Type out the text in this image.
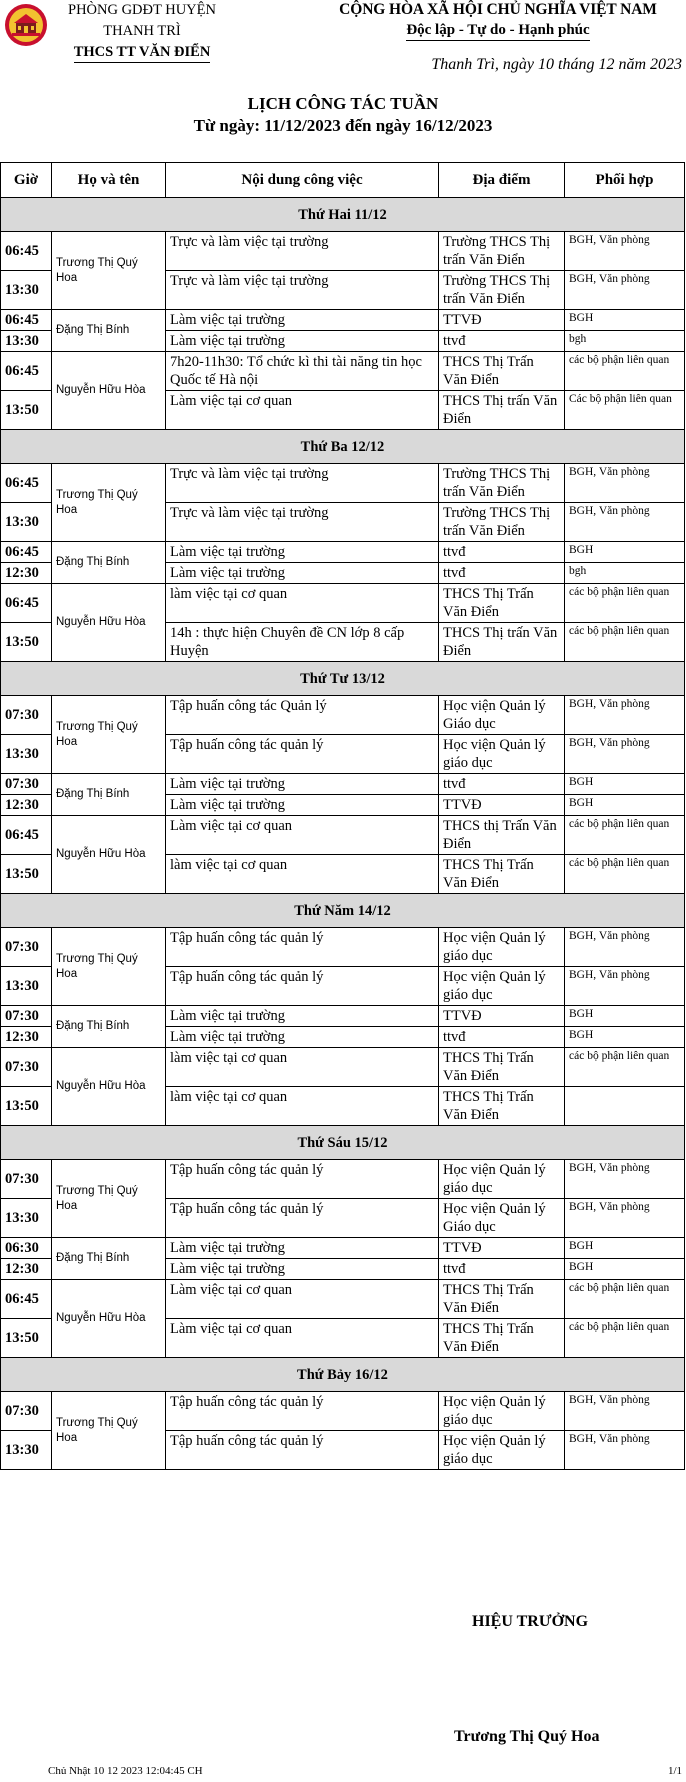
PHÒNG GDĐT HUYỆN THANH TRÌ
THCS TT VĂN ĐIỂN
CỘNG HÒA XÃ HỘI CHỦ NGHĨA VIỆT NAM
Độc lập - Tự do - Hạnh phúc
Thanh Trì, ngày 10 tháng 12 năm 2023
LỊCH CÔNG TÁC TUẦN
Từ ngày: 11/12/2023 đến ngày 16/12/2023
Giờ	Họ và tên	Nội dung công việc	Địa điểm	Phối hợp
Thứ Hai 11/12				
06:45	Trương Thị Quý Hoa	Trực và làm việc tại trường	Trường THCS Thị trấn Văn Điển	BGH, Văn phòng
13:30		Trực và làm việc tại trường	Trường THCS Thị trấn Văn Điển	BGH, Văn phòng
06:45	Đặng Thị Bính	Làm việc tại trường	TTVĐ	BGH
13:30		Làm việc tại trường	ttvđ	bgh
06:45	Nguyễn Hữu Hòa	7h20-11h30: Tổ chức kì thi tài năng tin học Quốc tế Hà nội	THCS Thị Trấn Văn Điển	các bộ phận liên quan
13:50		Làm việc tại cơ quan	THCS Thị trấn Văn Điển	Các bộ phận liên quan
Thứ Ba 12/12				
06:45	Trương Thị Quý Hoa	Trực và làm việc tại trường	Trường THCS Thị trấn Văn Điển	BGH, Văn phòng
13:30		Trực và làm việc tại trường	Trường THCS Thị trấn Văn Điển	BGH, Văn phòng
06:45	Đặng Thị Bính	Làm việc tại trường	ttvđ	BGH
12:30		Làm việc tại trường	ttvđ	bgh
06:45	Nguyễn Hữu Hòa	làm việc tại cơ quan	THCS Thị Trấn Văn Điển	các bộ phận liên quan
13:50		14h : thực hiện Chuyên đề CN lớp 8 cấp Huyện	THCS Thị trấn Văn Điển	các bộ phận liên quan
Thứ Tư 13/12				
07:30	Trương Thị Quý Hoa	Tập huấn công tác Quản lý	Học viện Quản lý Giáo dục	BGH, Văn phòng
13:30		Tập huấn công tác quản lý	Học viện Quản lý giáo dục	BGH, Văn phòng
07:30	Đặng Thị Bính	Làm việc tại trường	ttvđ	BGH
12:30		Làm việc tại trường	TTVĐ	BGH
06:45	Nguyễn Hữu Hòa	Làm việc tại cơ quan	THCS thị Trấn Văn Điển	các bộ phận liên quan
13:50		làm việc tại cơ quan	THCS Thị Trấn Văn Điển	các bộ phận liên quan
Thứ Năm 14/12				
07:30	Trương Thị Quý Hoa	Tập huấn công tác quản lý	Học viện Quản lý giáo dục	BGH, Văn phòng
13:30		Tập huấn công tác quản lý	Học viện Quản lý giáo dục	BGH, Văn phòng
07:30	Đặng Thị Bính	Làm việc tại trường	TTVĐ	BGH
12:30		Làm việc tại trường	ttvđ	BGH
07:30	Nguyễn Hữu Hòa	làm việc tại cơ quan	THCS Thị Trấn Văn Điển	các bộ phận liên quan
13:50		làm việc tại cơ quan	THCS Thị Trấn Văn Điển	
Thứ Sáu 15/12				
07:30	Trương Thị Quý Hoa	Tập huấn công tác quản lý	Học viện Quản lý giáo dục	BGH, Văn phòng
13:30		Tập huấn công tác quản lý	Học viện Quản lý Giáo dục	BGH, Văn phòng
06:30	Đặng Thị Bính	Làm việc tại trường	TTVĐ	BGH
12:30		Làm việc tại trường	ttvđ	BGH
06:45	Nguyễn Hữu Hòa	Làm việc tại cơ quan	THCS Thị Trấn Văn Điển	các bộ phận liên quan
13:50		Làm việc tại cơ quan	THCS Thị Trấn Văn Điển	các bộ phận liên quan
Thứ Bảy 16/12				
07:30	Trương Thị Quý Hoa	Tập huấn công tác quản lý	Học viện Quản lý giáo dục	BGH, Văn phòng
13:30		Tập huấn công tác quản lý	Học viện Quản lý giáo dục	BGH, Văn phòng
HIỆU TRƯỞNG
Trương Thị Quý Hoa
Chủ Nhật 10 12 2023 12:04:45 CH	1/1
